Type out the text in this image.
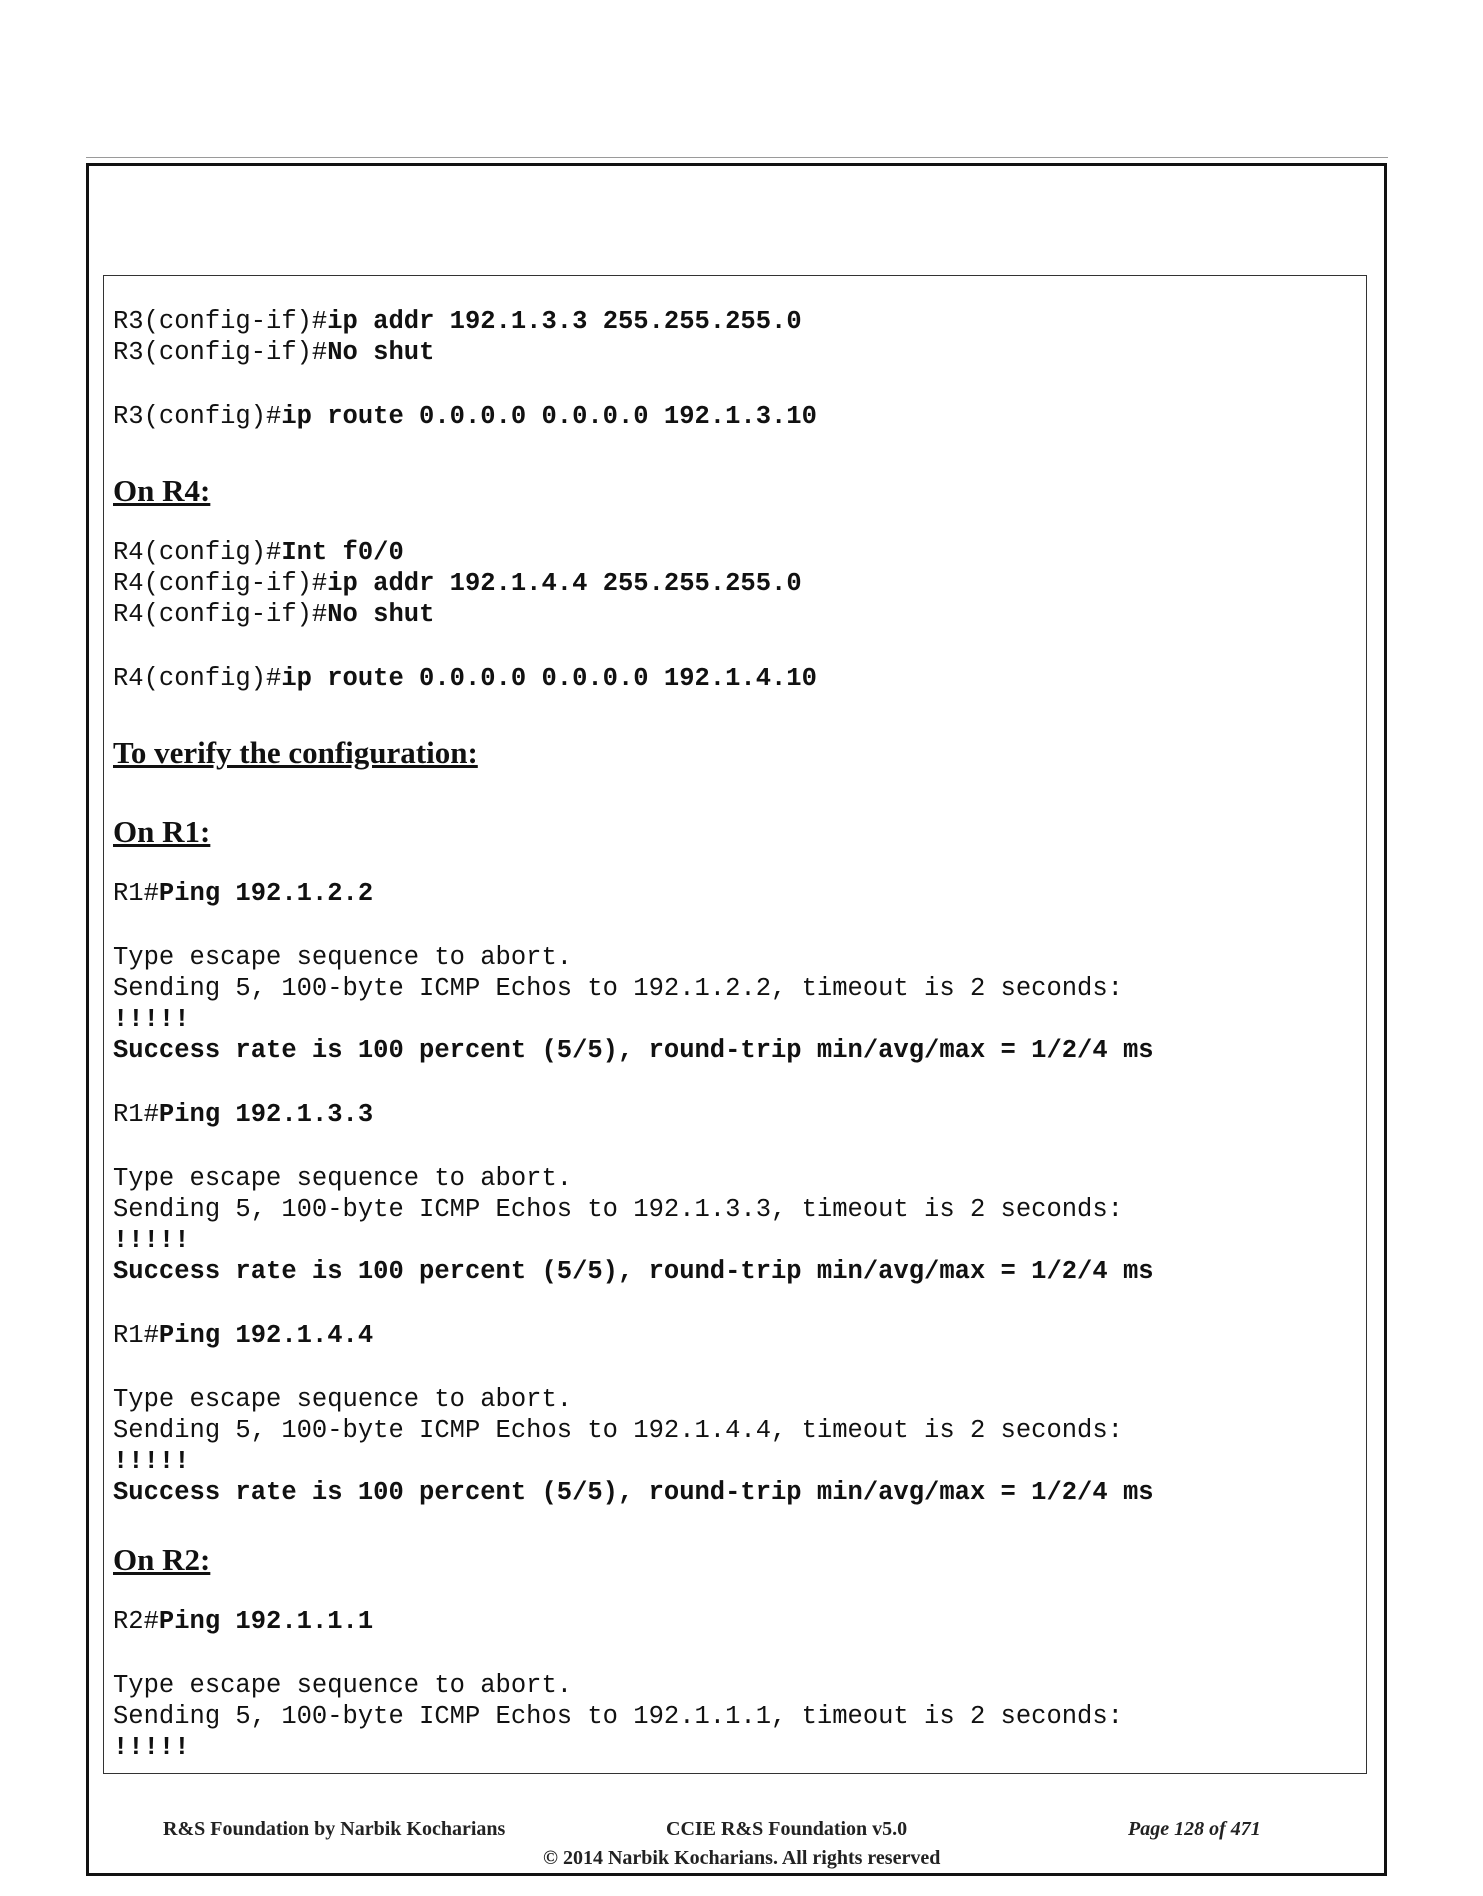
R3(config-if)#ip addr 192.1.3.3 255.255.255.0
R3(config-if)#No shut
R3(config)#ip route 0.0.0.0 0.0.0.0 192.1.3.10
On R4:
R4(config)#Int f0/0
R4(config-if)#ip addr 192.1.4.4 255.255.255.0
R4(config-if)#No shut
R4(config)#ip route 0.0.0.0 0.0.0.0 192.1.4.10
To verify the configuration:
On R1:
R1#Ping 192.1.2.2
Type escape sequence to abort.
Sending 5, 100-byte ICMP Echos to 192.1.2.2, timeout is 2 seconds:
!!!!!
Success rate is 100 percent (5/5), round-trip min/avg/max = 1/2/4 ms
R1#Ping 192.1.3.3
Type escape sequence to abort.
Sending 5, 100-byte ICMP Echos to 192.1.3.3, timeout is 2 seconds:
!!!!!
Success rate is 100 percent (5/5), round-trip min/avg/max = 1/2/4 ms
R1#Ping 192.1.4.4
Type escape sequence to abort.
Sending 5, 100-byte ICMP Echos to 192.1.4.4, timeout is 2 seconds:
!!!!!
Success rate is 100 percent (5/5), round-trip min/avg/max = 1/2/4 ms
On R2:
R2#Ping 192.1.1.1
Type escape sequence to abort.
Sending 5, 100-byte ICMP Echos to 192.1.1.1, timeout is 2 seconds:
!!!!!
R&S Foundation by Narbik Kocharians	CCIE R&S Foundation v5.0	Page 128 of 471
© 2014 Narbik Kocharians. All rights reserved
